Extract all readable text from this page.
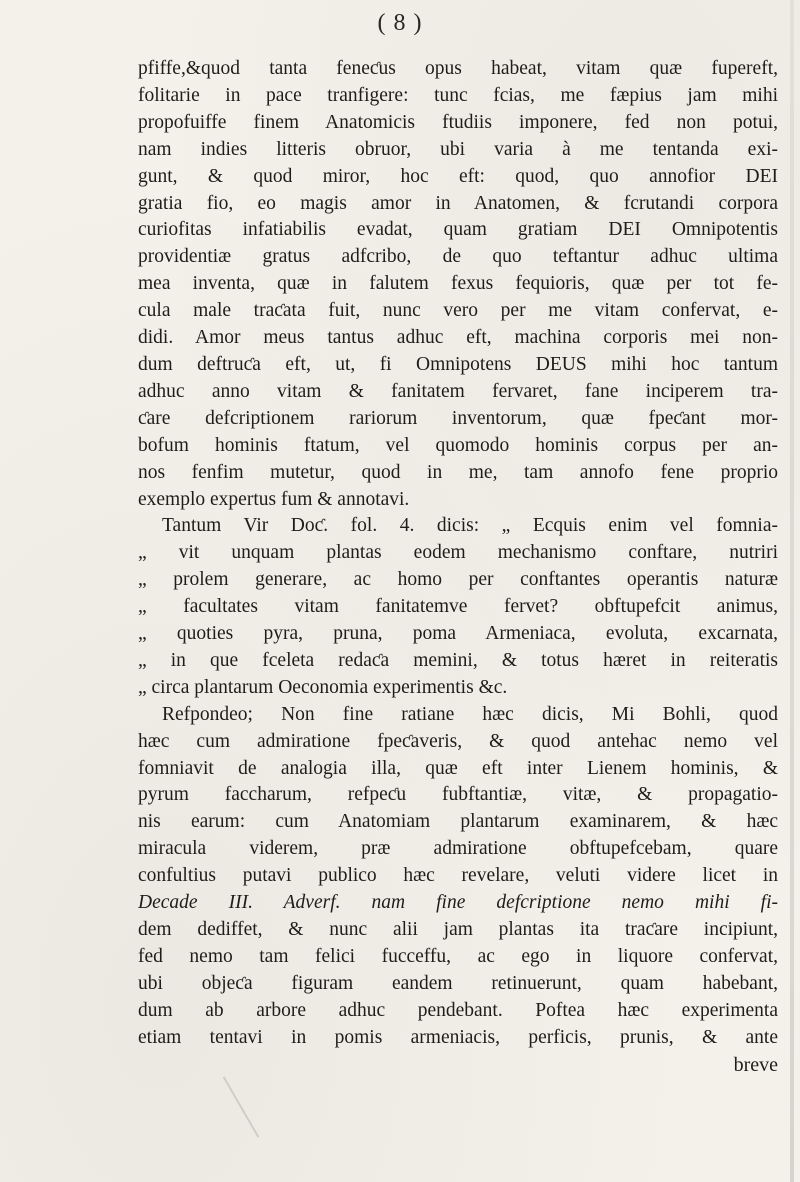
( 8 )
pfiffe,&quod tanta feneƈus opus habeat, vitam quæ fupereft,
folitarie in pace tranfigere: tunc fcias, me fæpius jam mihi
propofuiffe finem Anatomicis ftudiis imponere, fed non potui,
nam indies litteris obruor, ubi varia à me tentanda exi-
gunt, & quod miror, hoc eft: quod, quo annofior DEI
gratia fio, eo magis amor in Anatomen, & fcrutandi corpora
curiofitas infatiabilis evadat, quam gratiam DEI Omnipotentis
providentiæ gratus adfcribo, de quo teftantur adhuc ultima
mea inventa, quæ in falutem fexus fequioris, quæ per tot fe-
cula male traƈata fuit, nunc vero per me vitam confervat, e-
didi. Amor meus tantus adhuc eft, machina corporis mei non-
dum deftruƈa eft, ut, fi Omnipotens DEUS mihi hoc tantum
adhuc anno vitam & fanitatem fervaret, fane inciperem tra-
ƈare defcriptionem rariorum inventorum, quæ fpeƈant mor-
bofum hominis ftatum, vel quomodo hominis corpus per an-
nos fenfim mutetur, quod in me, tam annofo fene proprio
exemplo expertus fum & annotavi.
Tantum Vir Doƈ. fol. 4. dicis: „ Ecquis enim vel fomnia-
„ vit unquam plantas eodem mechanismo conftare, nutriri
„ prolem generare, ac homo per conftantes operantis naturæ
„ facultates vitam fanitatemve fervet? obftupefcit animus,
„ quoties pyra, pruna, poma Armeniaca, evoluta, excarnata,
„ in que fceleta redaƈa memini, & totus hæret in reiteratis
„ circa plantarum Oeconomia experimentis &c.
Refpondeo; Non fine ratiane hæc dicis, Mi Bohli, quod
hæc cum admiratione fpeƈaveris, & quod antehac nemo vel
fomniavit de analogia illa, quæ eft inter Lienem hominis, &
pyrum faccharum, refpeƈu fubftantiæ, vitæ, & propagatio-
nis earum: cum Anatomiam plantarum examinarem, & hæc
miracula viderem, præ admiratione obftupefcebam, quare
confultius putavi publico hæc revelare, veluti videre licet in
Decade III. Adverf. nam fine defcriptione nemo mihi fi-
dem dediffet, & nunc alii jam plantas ita traƈare incipiunt,
fed nemo tam felici fucceffu, ac ego in liquore confervat,
ubi objeƈa figuram eandem retinuerunt, quam habebant,
dum ab arbore adhuc pendebant. Poftea hæc experimenta
etiam tentavi in pomis armeniacis, perficis, prunis, & ante
breve
